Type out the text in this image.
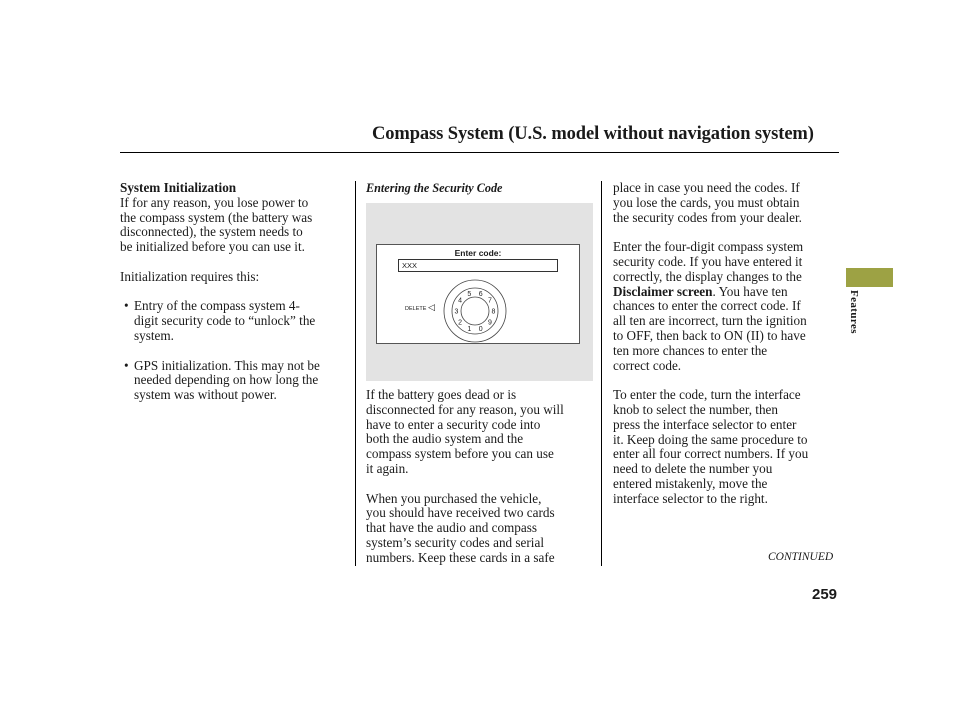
Compass System (U.S. model without navigation system)

System Initialization

If for any reason, you lose power to

the compass system (the battery was

disconnected), the system needs to

be initialized before you can use it.

Initialization requires this:

• Entry of the compass system 4-

digit security code to “unlock” the

system.

• GPS initialization. This may not be

needed depending on how long the

system was without power.

Entering the Security Code

Enter code:
XXX
DELETE ◁
5 6
7
8
9
0
1
2
3
4

If the battery goes dead or is

disconnected for any reason, you will

have to enter a security code into

both the audio system and the

compass system before you can use

it again.

When you purchased the vehicle,

you should have received two cards

that have the audio and compass

system’s security codes and serial

numbers. Keep these cards in a safe

place in case you need the codes. If

you lose the cards, you must obtain

the security codes from your dealer.

Enter the four-digit compass system

security code. If you have entered it

correctly, the display changes to the

Disclaimer screen. You have ten

chances to enter the correct code. If

all ten are incorrect, turn the ignition

to OFF, then back to ON (II) to have

ten more chances to enter the

correct code.

To enter the code, turn the interface

knob to select the number, then

press the interface selector to enter

it. Keep doing the same procedure to

enter all four correct numbers. If you

need to delete the number you

entered mistakenly, move the

interface selector to the right.

CONTINUED
259
Features
